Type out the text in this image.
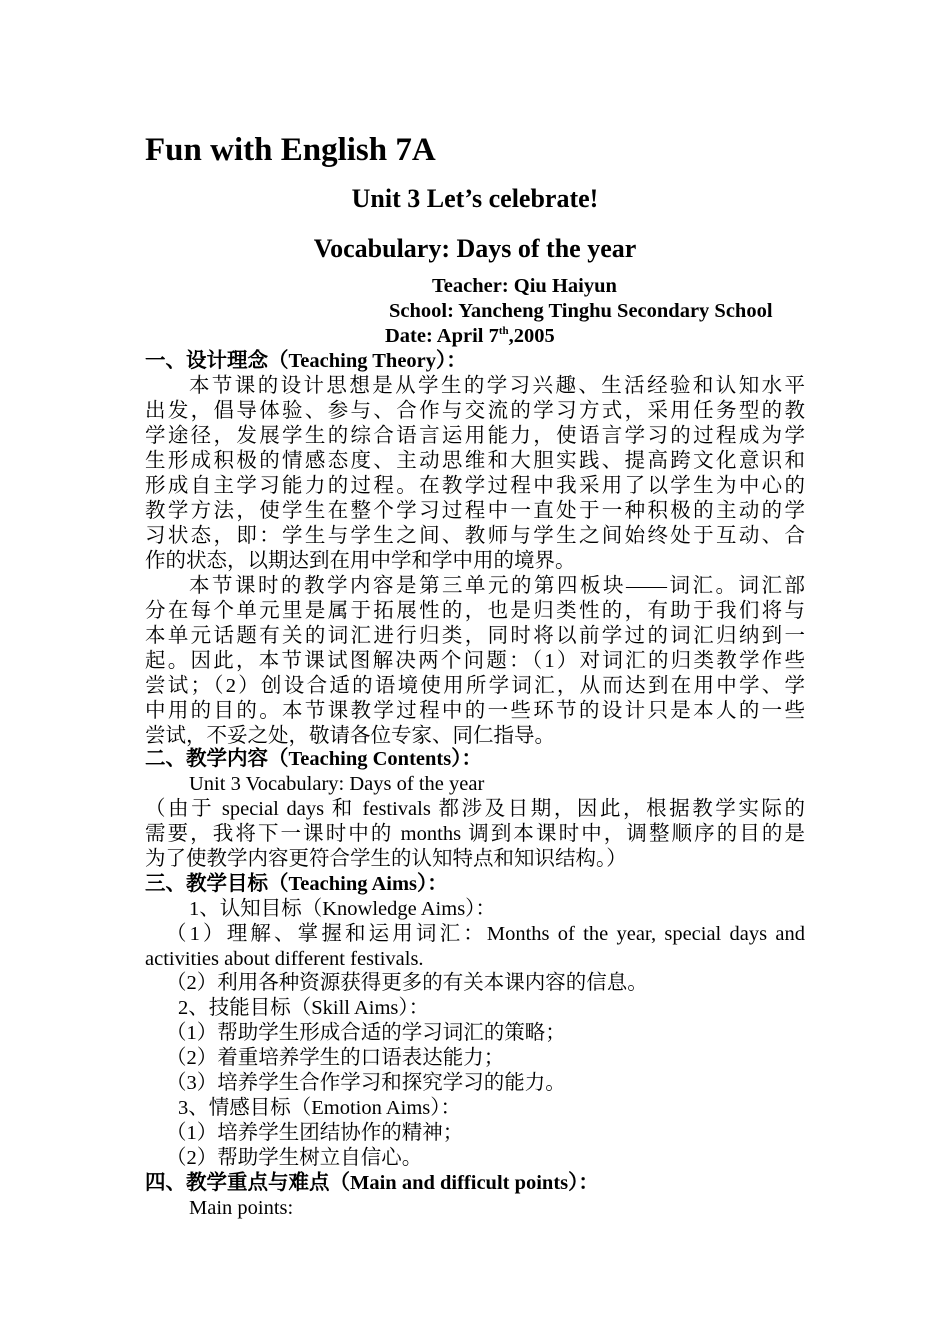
Fun with English 7A
Unit 3 Let’s celebrate!
Vocabulary: Days of the year
Teacher: Qiu Haiyun
School: Yancheng Tinghu Secondary School
Date: April 7th,2005
一、设计理念（Teaching Theory）：
本节课的设计思想是从学生的学习兴趣、生活经验和认知水平
出发，倡导体验、参与、合作与交流的学习方式，采用任务型的教
学途径，发展学生的综合语言运用能力，使语言学习的过程成为学
生形成积极的情感态度、主动思维和大胆实践、提高跨文化意识和
形成自主学习能力的过程。在教学过程中我采用了以学生为中心的
教学方法，使学生在整个学习过程中一直处于一种积极的主动的学
习状态，即：学生与学生之间、教师与学生之间始终处于互动、合
作的状态，以期达到在用中学和学中用的境界。
本节课时的教学内容是第三单元的第四板块——词汇。词汇部
分在每个单元里是属于拓展性的，也是归类性的，有助于我们将与
本单元话题有关的词汇进行归类，同时将以前学过的词汇归纳到一
起。因此，本节课试图解决两个问题：（1）对词汇的归类教学作些
尝试；（2）创设合适的语境使用所学词汇，从而达到在用中学、学
中用的目的。本节课教学过程中的一些环节的设计只是本人的一些
尝试，不妥之处，敬请各位专家、同仁指导。
二、教学内容（Teaching Contents）：
Unit 3 Vocabulary: Days of the year
（由于 special days 和 festivals 都涉及日期，因此，根据教学实际的
需要，我将下一课时中的 months 调到本课时中，调整顺序的目的是
为了使教学内容更符合学生的认知特点和知识结构。）
三、教学目标（Teaching Aims）：
1、认知目标（Knowledge Aims）：
（1）理解、掌握和运用词汇：Months of the year, special days and
activities about different festivals.
（2）利用各种资源获得更多的有关本课内容的信息。
2、技能目标（Skill Aims）：
（1）帮助学生形成合适的学习词汇的策略；
（2）着重培养学生的口语表达能力；
（3）培养学生合作学习和探究学习的能力。
3、情感目标（Emotion Aims）：
（1）培养学生团结协作的精神；
（2）帮助学生树立自信心。
四、教学重点与难点（Main and difficult points）：
Main points:
